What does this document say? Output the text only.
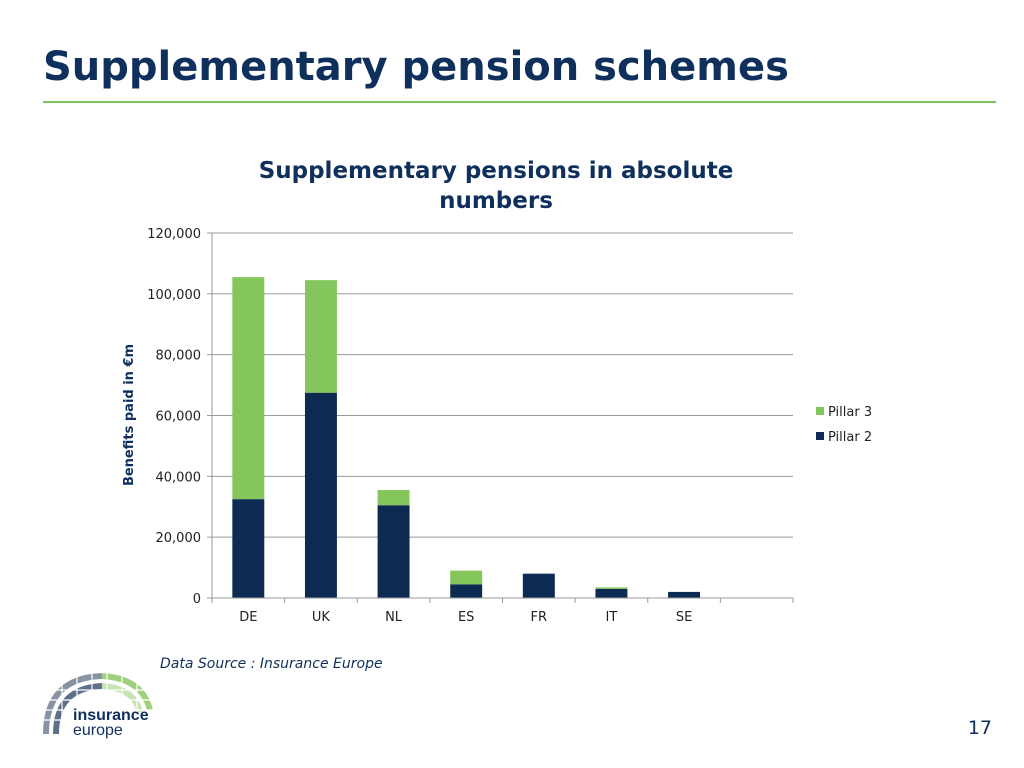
Supplementary pension schemes
Supplementary pensions in absolute numbers
0
20,000
40,000
60,000
80,000
100,000
120,000
DE	UK	NL	ES	FR	IT	SE
Benefits paid in €m	Pillar 3
Pillar 2
Data Source : Insurance Europe
insurance
europe	17
